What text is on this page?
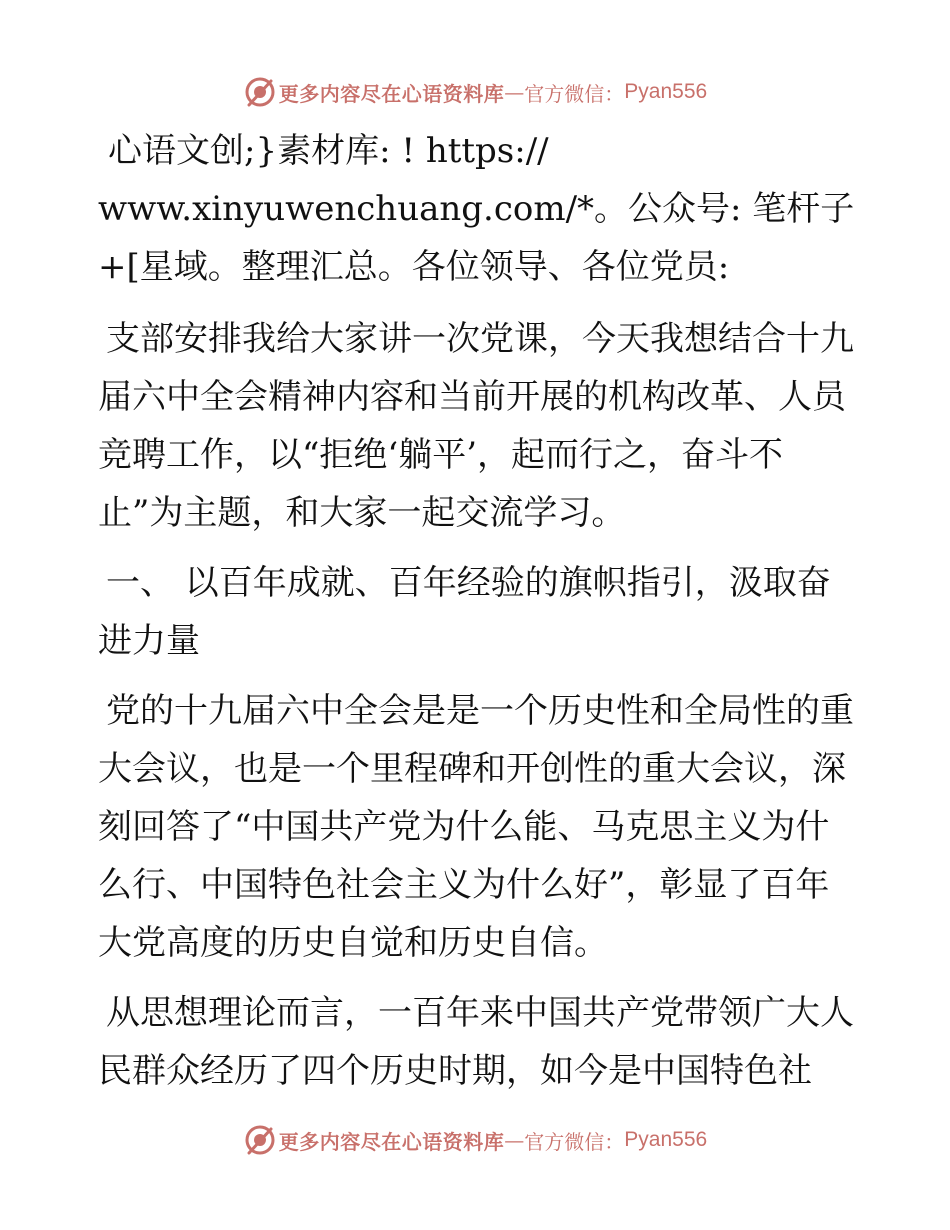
更多内容尽在心语资料库 — 官方微信： Pyan556

心语文创;}素材库: ! https:// www.xinyuwenchuang.com/*。公众号: 笔杆子+[星域。整理汇总。各位领导、各位党员:

支部安排我给大家讲一次党课，今天我想结合十九届六中全会精神内容和当前开展的机构改革、人员竞聘工作，以“拒绝‘躺平’，起而行之，奋斗不止”为主题，和大家一起交流学习。

一、 以百年成就、百年经验的旗帜指引，汲取奋进力量

党的十九届六中全会是是一个历史性和全局性的重大会议，也是一个里程碑和开创性的重大会议，深刻回答了“中国共产党为什么能、马克思主义为什么行、中国特色社会主义为什么好”，彰显了百年大党高度的历史自觉和历史自信。

从思想理论而言，一百年来中国共产党带领广大人民群众经历了四个历史时期，如今是中国特色社

更多内容尽在心语资料库 — 官方微信： Pyan556
